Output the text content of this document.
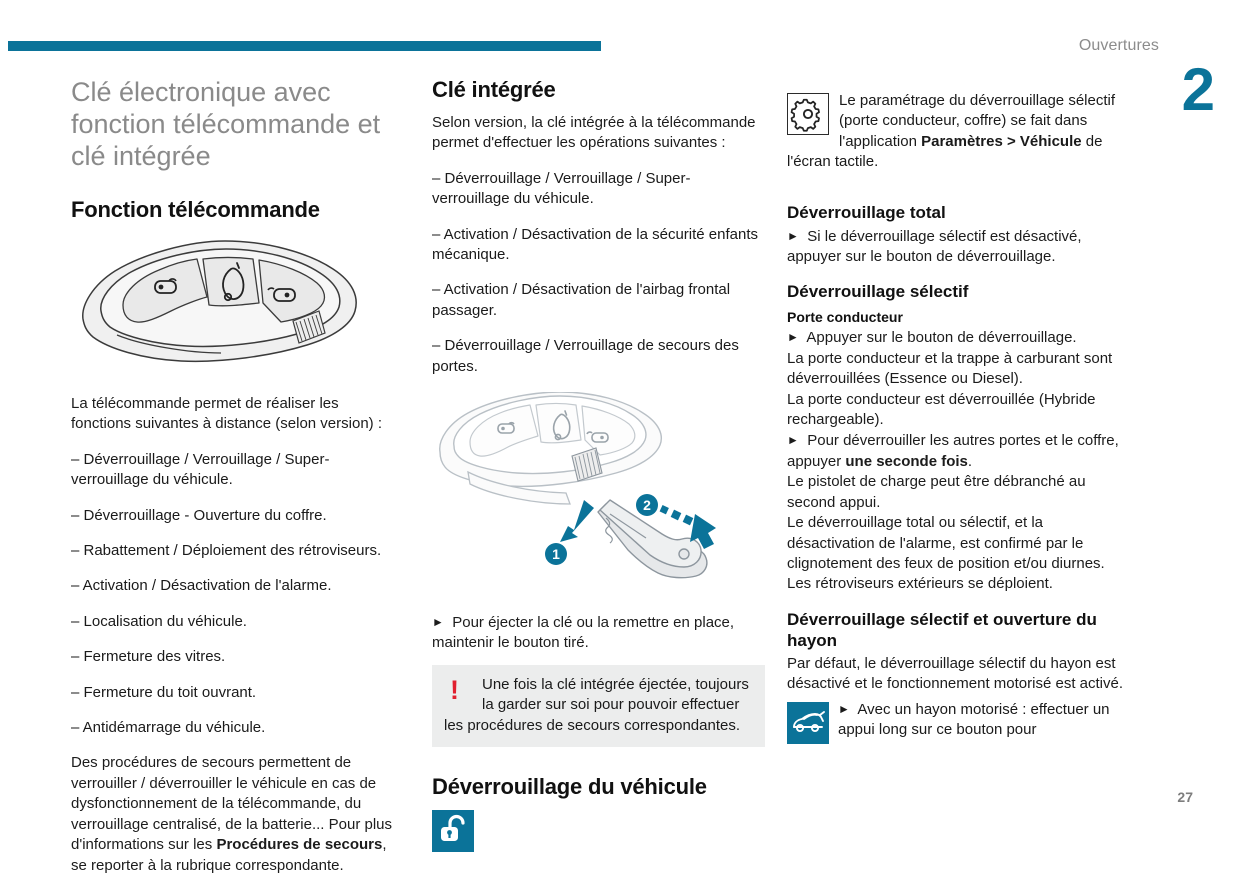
Ouvertures
2
27
Clé électronique avec fonction télécommande et clé intégrée
Fonction télécommande

La télécommande permet de réaliser les fonctions suivantes à distance (selon version) :

– Déverrouillage / Verrouillage / Super-verrouillage du véhicule.

– Déverrouillage - Ouverture du coffre.

– Rabattement / Déploiement des rétroviseurs.

– Activation / Désactivation de l'alarme.

– Localisation du véhicule.

– Fermeture des vitres.

– Fermeture du toit ouvrant.

– Antidémarrage du véhicule.

Des procédures de secours permettent de verrouiller / déverrouiller le véhicule en cas de dysfonctionnement de la télécommande, du verrouillage centralisé, de la batterie... Pour plus d'informations sur les Procédures de secours, se reporter à la rubrique correspondante.

Clé intégrée

Selon version, la clé intégrée à la télécommande permet d'effectuer les opérations suivantes :

– Déverrouillage / Verrouillage / Super-verrouillage du véhicule.

– Activation / Désactivation de la sécurité enfants mécanique.

– Activation / Désactivation de l'airbag frontal passager.

– Déverrouillage / Verrouillage de secours des portes.

1
2

► Pour éjecter la clé ou la remettre en place, maintenir le bouton tiré.

!	Une fois la clé intégrée éjectée, toujours

la garder sur soi pour pouvoir effectuer

les procédures de secours correspondantes.

Déverrouillage du véhicule

Le paramétrage du déverrouillage sélectif (porte conducteur, coffre) se fait dans l'application Paramètres > Véhicule de l'écran tactile.

Déverrouillage total

► Si le déverrouillage sélectif est désactivé, appuyer sur le bouton de déverrouillage.

Déverrouillage sélectif
Porte conducteur

► Appuyer sur le bouton de déverrouillage.

La porte conducteur et la trappe à carburant sont déverrouillées (Essence ou Diesel).

La porte conducteur est déverrouillée (Hybride rechargeable).

► Pour déverrouiller les autres portes et le coffre, appuyer une seconde fois.

Le pistolet de charge peut être débranché au second appui.

Le déverrouillage total ou sélectif, et la désactivation de l'alarme, est confirmé par le clignotement des feux de position et/ou diurnes.

Les rétroviseurs extérieurs se déploient.

Déverrouillage sélectif et ouverture du hayon

Par défaut, le déverrouillage sélectif du hayon est désactivé et le fonctionnement motorisé est activé.

► Avec un hayon motorisé : effectuer un appui long sur ce bouton pour
